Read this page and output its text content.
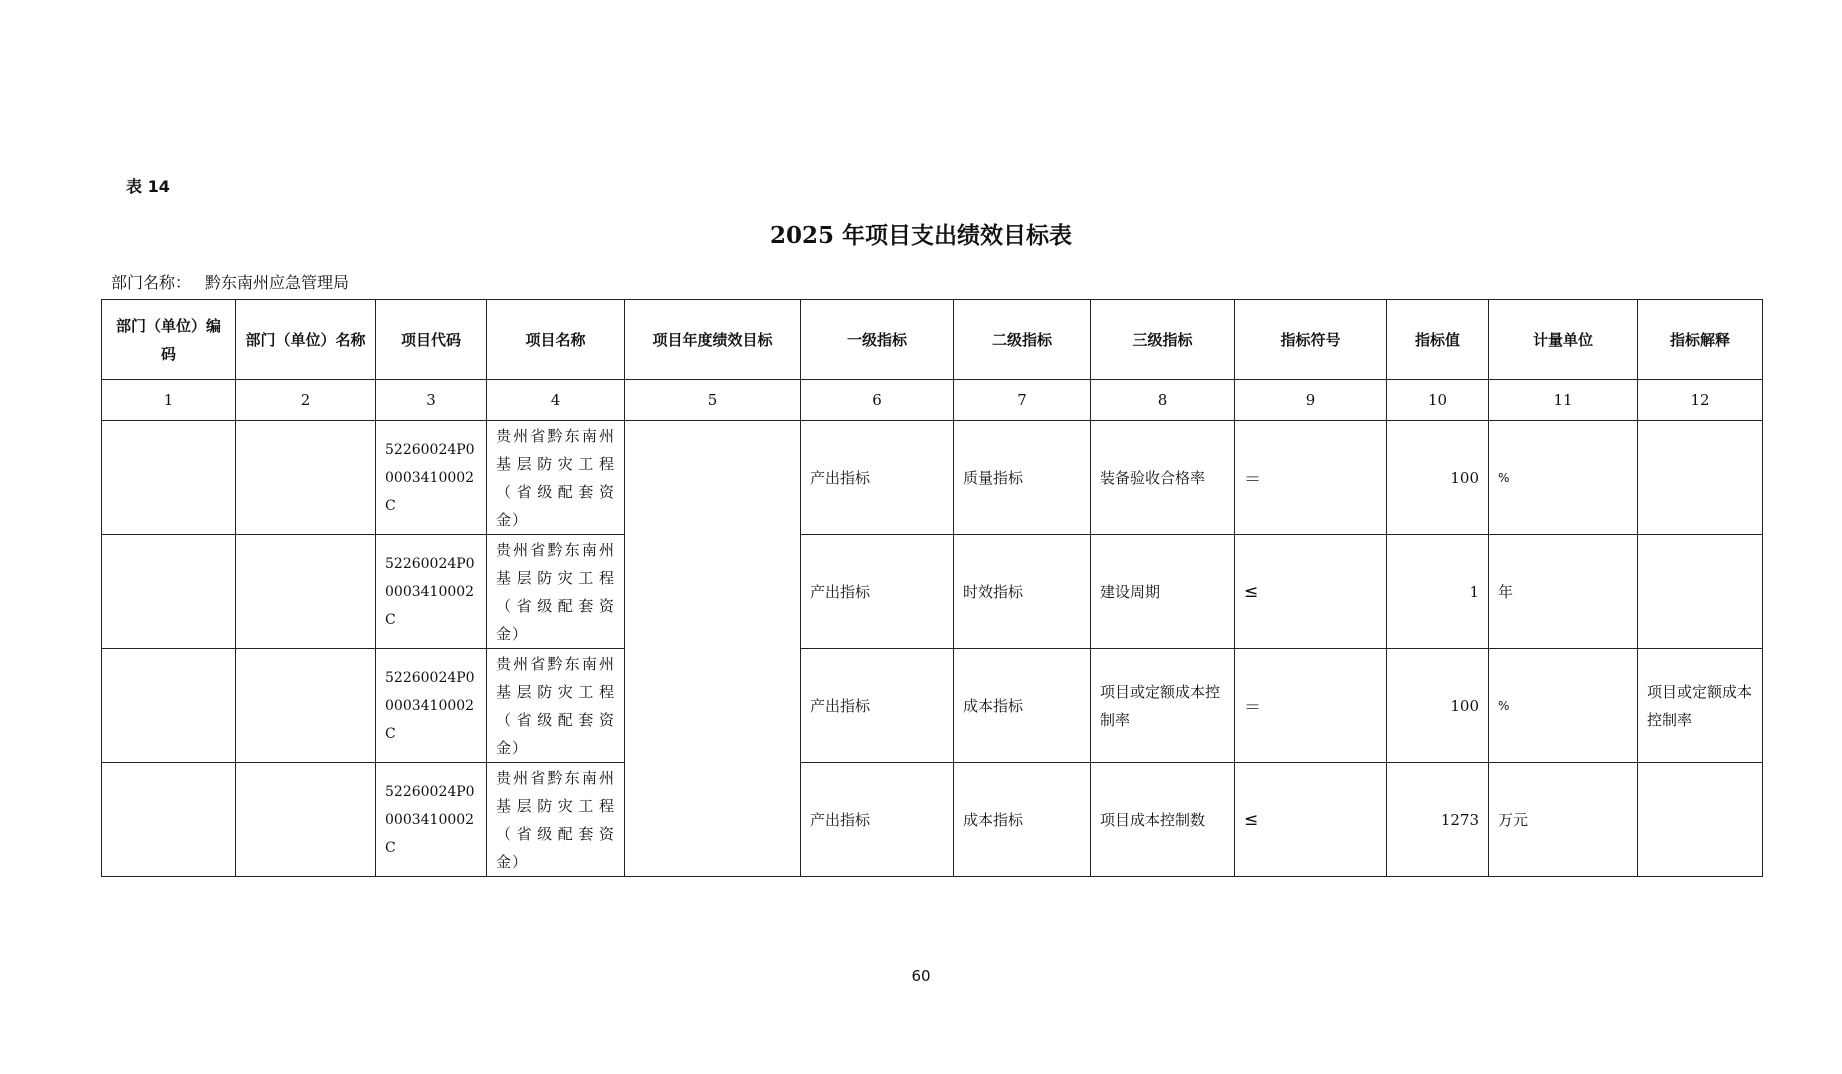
表 14
2025 年项目支出绩效目标表
部门名称： 黔东南州应急管理局
部门（单位）编码	部门（单位）名称	项目代码	项目名称	项目年度绩效目标	一级指标	二级指标	三级指标	指标符号	指标值	计量单位	指标解释
1	2	3	4	5	6	7	8	9	10	11	12
		52260024P00003410002C	贵州省黔东南州基层防灾工程（省级配套资金）		产出指标	质量指标	装备验收合格率	＝	100	%	
		52260024P00003410002C	贵州省黔东南州基层防灾工程（省级配套资金）		产出指标	时效指标	建设周期	≤	1	年	
		52260024P00003410002C	贵州省黔东南州基层防灾工程（省级配套资金）		产出指标	成本指标	项目或定额成本控制率	＝	100	%	项目或定额成本控制率
		52260024P00003410002C	贵州省黔东南州基层防灾工程（省级配套资金）		产出指标	成本指标	项目成本控制数	≤	1273	万元	
60
